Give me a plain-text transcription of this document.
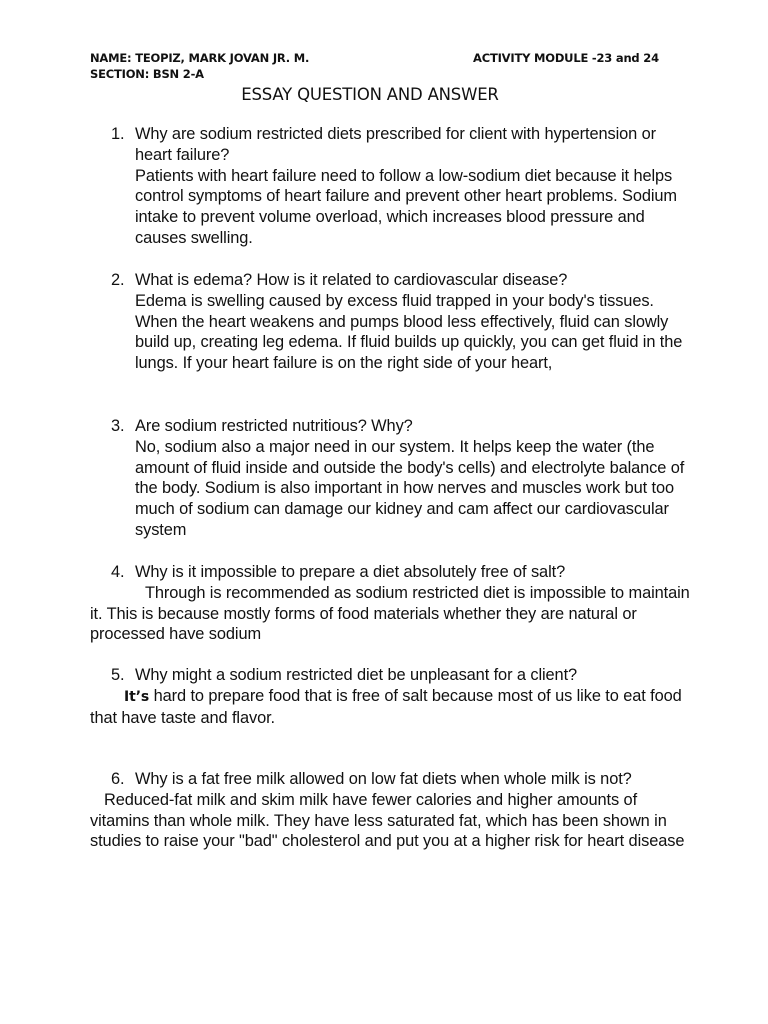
NAME: TEOPIZ, MARK JOVAN JR. M.	ACTIVITY MODULE -23 and 24
SECTION: BSN 2-A
ESSAY QUESTION AND ANSWER

1. Why are sodium restricted diets prescribed for client with hypertension or heart failure?

Patients with heart failure need to follow a low-sodium diet because it helps control symptoms of heart failure and prevent other heart problems. Sodium intake to prevent volume overload, which increases blood pressure and causes swelling.

2. What is edema? How is it related to cardiovascular disease?

Edema is swelling caused by excess fluid trapped in your body's tissues. When the heart weakens and pumps blood less effectively, fluid can slowly build up, creating leg edema. If fluid builds up quickly, you can get fluid in the lungs. If your heart failure is on the right side of your heart,

3. Are sodium restricted nutritious? Why?

No, sodium also a major need in our system. It helps keep the water (the amount of fluid inside and outside the body's cells) and electrolyte balance of the body. Sodium is also important in how nerves and muscles work but too much of sodium can damage our kidney and cam affect our cardiovascular system

4. Why is it impossible to prepare a diet absolutely free of salt?

Through is recommended as sodium restricted diet is impossible to maintain it. This is because mostly forms of food materials whether they are natural or processed have sodium

5. Why might a sodium restricted diet be unpleasant for a client?

It’s hard to prepare food that is free of salt because most of us like to eat food that have taste and flavor.

6. Why is a fat free milk allowed on low fat diets when whole milk is not?

Reduced-fat milk and skim milk have fewer calories and higher amounts of vitamins than whole milk. They have less saturated fat, which has been shown in studies to raise your "bad" cholesterol and put you at a higher risk for heart disease
